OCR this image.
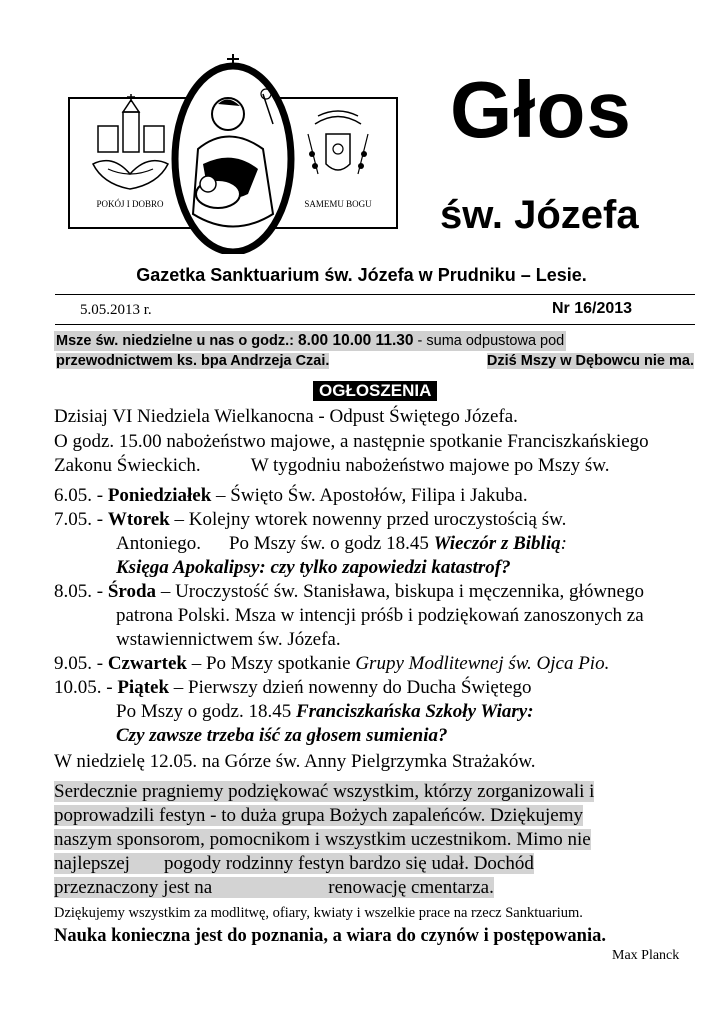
POKÓJ I DOBRO	SAMEMU BOGU
Głos
św. Józefa
Gazetka Sanktuarium św. Józefa w Prudniku – Lesie.
5.05.2013 r.	Nr 16/2013
Msze św. niedzielne u nas o godz.: 8.00 10.00 11.30 - suma odpustowa pod
przewodnictwem ks. bpa Andrzeja Czai.	Dziś Mszy w Dębowcu nie ma.
OGŁOSZENIA
Dzisiaj VI Niedziela Wielkanocna - Odpust Świętego Józefa.
O godz. 15.00 nabożeństwo majowe, a następnie spotkanie Franciszkańskiego
Zakonu Świeckich.	W tygodniu nabożeństwo majowe po Mszy św.
6.05. - Poniedziałek – Święto Św. Apostołów, Filipa i Jakuba.
7.05. - Wtorek – Kolejny wtorek nowenny przed uroczystością św.
Antoniego. Po Mszy św. o godz 18.45 Wieczór z Biblią:
Księga Apokalipsy: czy tylko zapowiedzi katastrof?
8.05. - Środa – Uroczystość św. Stanisława, biskupa i męczennika, głównego
patrona Polski. Msza w intencji próśb i podziękowań zanoszonych za
wstawiennictwem św. Józefa.
9.05. - Czwartek – Po Mszy spotkanie Grupy Modlitewnej św. Ojca Pio.
10.05. - Piątek – Pierwszy dzień nowenny do Ducha Świętego
Po Mszy o godz. 18.45 Franciszkańska Szkoły Wiary:
Czy zawsze trzeba iść za głosem sumienia?
W niedzielę 12.05. na Górze św. Anny Pielgrzymka Strażaków.
Serdecznie pragniemy podziękować wszystkim, którzy zorganizowali i
poprowadzili festyn - to duża grupa Bożych zapaleńców. Dziękujemy
naszym sponsorom, pomocnikom i wszystkim uczestnikom. Mimo nie
najlepszej pogody rodzinny festyn bardzo się udał. Dochód
przeznaczony jest na	renowację cmentarza.
Dziękujemy wszystkim za modlitwę, ofiary, kwiaty i wszelkie prace na rzecz Sanktuarium.
Nauka konieczna jest do poznania, a wiara do czynów i postępowania.
Max Planck
